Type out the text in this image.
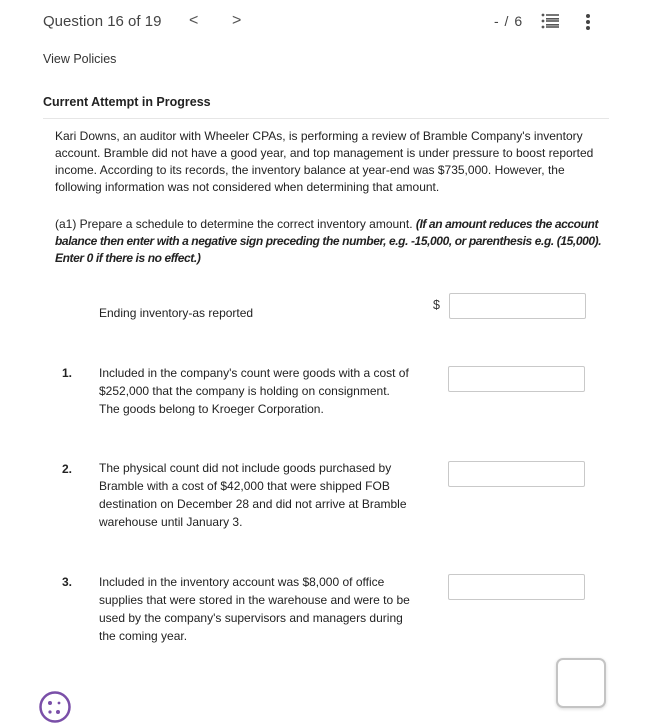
Question 16 of 19 < >	- / 6
View Policies
Current Attempt in Progress

Kari Downs, an auditor with Wheeler CPAs, is performing a review of Bramble Company's inventory account. Bramble did not have a good year, and top management is under pressure to boost reported income. According to its records, the inventory balance at year-end was $735,000. However, the following information was not considered when determining that amount.

(a1) Prepare a schedule to determine the correct inventory amount. (If an amount reduces the account balance then enter with a negative sign preceding the number, e.g. -15,000, or parenthesis e.g. (15,000). Enter 0 if there is no effect.)

Ending inventory-as reported
$
1. Included in the company's count were goods with a cost of $252,000 that the company is holding on consignment. The goods belong to Kroeger Corporation.
2. The physical count did not include goods purchased by Bramble with a cost of $42,000 that were shipped FOB destination on December 28 and did not arrive at Bramble warehouse until January 3.
3. Included in the inventory account was $8,000 of office supplies that were stored in the warehouse and were to be used by the company's supervisors and managers during the coming year.
